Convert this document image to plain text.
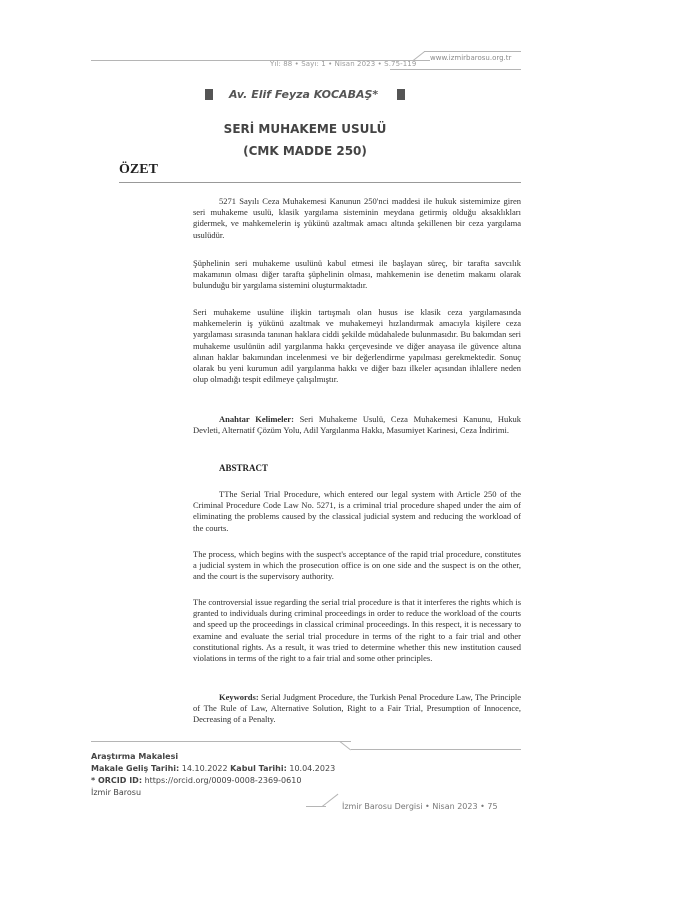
Yıl: 88 • Sayı: 1 • Nisan 2023 • S.75-119
www.izmirbarosu.org.tr
Av. Elif Feyza KOCABAŞ*
SERİ MUHAKEME USULÜ
(CMK MADDE 250)
ÖZET
5271 Sayılı Ceza Muhakemesi Kanunun 250'nci maddesi ile hukuk sistemimize giren seri muhakeme usulü, klasik yargılama sisteminin meydana getirmiş olduğu aksaklıkları gidermek, ve mahkemelerin iş yükünü azaltmak amacı altında şekillenen bir ceza yargılama usulüdür.
Şüphelinin seri muhakeme usulünü kabul etmesi ile başlayan süreç, bir tarafta savcılık makamının olması diğer tarafta şüphelinin olması, mahkemenin ise denetim makamı olarak bulunduğu bir yargılama sistemini oluşturmaktadır.
Seri muhakeme usulüne ilişkin tartışmalı olan husus ise klasik ceza yargılamasında mahkemelerin iş yükünü azaltmak ve muhakemeyi hızlandırmak amacıyla kişilere ceza yargılaması sırasında tanınan haklara ciddi şekilde müdahalede bulunmasıdır. Bu bakımdan seri muhakeme usulünün adil yargılanma hakkı çerçevesinde ve diğer anayasa ile güvence altına alınan haklar bakımından incelenmesi ve bir değerlendirme yapılması gerekmektedir. Sonuç olarak bu yeni kurumun adil yargılanma hakkı ve diğer bazı ilkeler açısından ihlallere neden olup olmadığı tespit edilmeye çalışılmıştır.
Anahtar Kelimeler: Seri Muhakeme Usulü, Ceza Muhakemesi Kanunu, Hukuk Devleti, Alternatif Çözüm Yolu, Adil Yargılanma Hakkı, Masumiyet Karinesi, Ceza İndirimi.
ABSTRACT
TThe Serial Trial Procedure, which entered our legal system with Article 250 of the Criminal Procedure Code Law No. 5271, is a criminal trial procedure shaped under the aim of eliminating the problems caused by the classical judicial system and reducing the workload of the courts.
The process, which begins with the suspect's acceptance of the rapid trial procedure, constitutes a judicial system in which the prosecution office is on one side and the suspect is on the other, and the court is the supervisory authority.
The controversial issue regarding the serial trial procedure is that it interferes the rights which is granted to individuals during criminal proceedings in order to reduce the workload of the courts and speed up the proceedings in classical criminal proceedings. In this respect, it is necessary to examine and evaluate the serial trial procedure in terms of the right to a fair trial and other constitutional rights. As a result, it was tried to determine whether this new institution caused violations in terms of the right to a fair trial and some other principles.
Keywords: Serial Judgment Procedure, the Turkish Penal Procedure Law, The Principle of The Rule of Law, Alternative Solution, Right to a Fair Trial, Presumption of Innocence, Decreasing of a Penalty.
Araştırma Makalesi
Makale Geliş Tarihi: 14.10.2022 Kabul Tarihi: 10.04.2023
* ORCID ID: https://orcid.org/0009-0008-2369-0610
İzmir Barosu
İzmir Barosu Dergisi • Nisan 2023 • 75
